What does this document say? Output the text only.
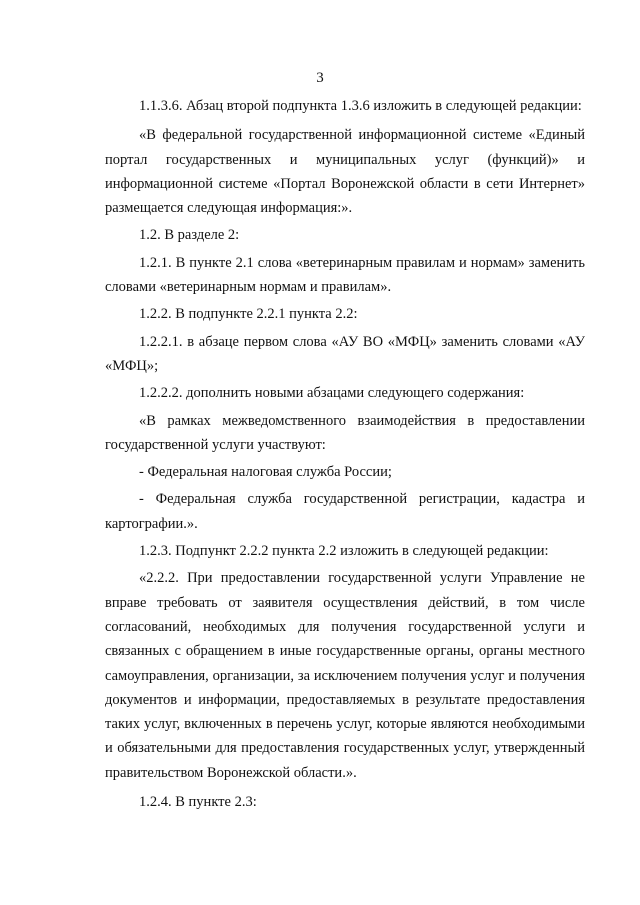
3

1.1.3.6. Абзац второй подпункта 1.3.6 изложить в следующей редакции:

«В федеральной государственной информационной системе «Единый портал государственных и муниципальных услуг (функций)» и информационной системе «Портал Воронежской области в сети Интернет» размещается следующая информация:».

1.2. В разделе 2:

1.2.1. В пункте 2.1 слова «ветеринарным правилам и нормам» заменить словами «ветеринарным нормам и правилам».

1.2.2. В подпункте 2.2.1 пункта 2.2:

1.2.2.1. в абзаце первом слова «АУ ВО «МФЦ» заменить словами «АУ «МФЦ»;

1.2.2.2. дополнить новыми абзацами следующего содержания:

«В рамках межведомственного взаимодействия в предоставлении государственной услуги участвуют:

- Федеральная налоговая служба России;

- Федеральная служба государственной регистрации, кадастра и картографии.».

1.2.3. Подпункт 2.2.2 пункта 2.2 изложить в следующей редакции:

«2.2.2. При предоставлении государственной услуги Управление не вправе требовать от заявителя осуществления действий, в том числе согласований, необходимых для получения государственной услуги и связанных с обращением в иные государственные органы, органы местного самоуправления, организации, за исключением получения услуг и получения документов и информации, предоставляемых в результате предоставления таких услуг, включенных в перечень услуг, которые являются необходимыми и обязательными для предоставления государственных услуг, утвержденный правительством Воронежской области.».

1.2.4. В пункте 2.3:
